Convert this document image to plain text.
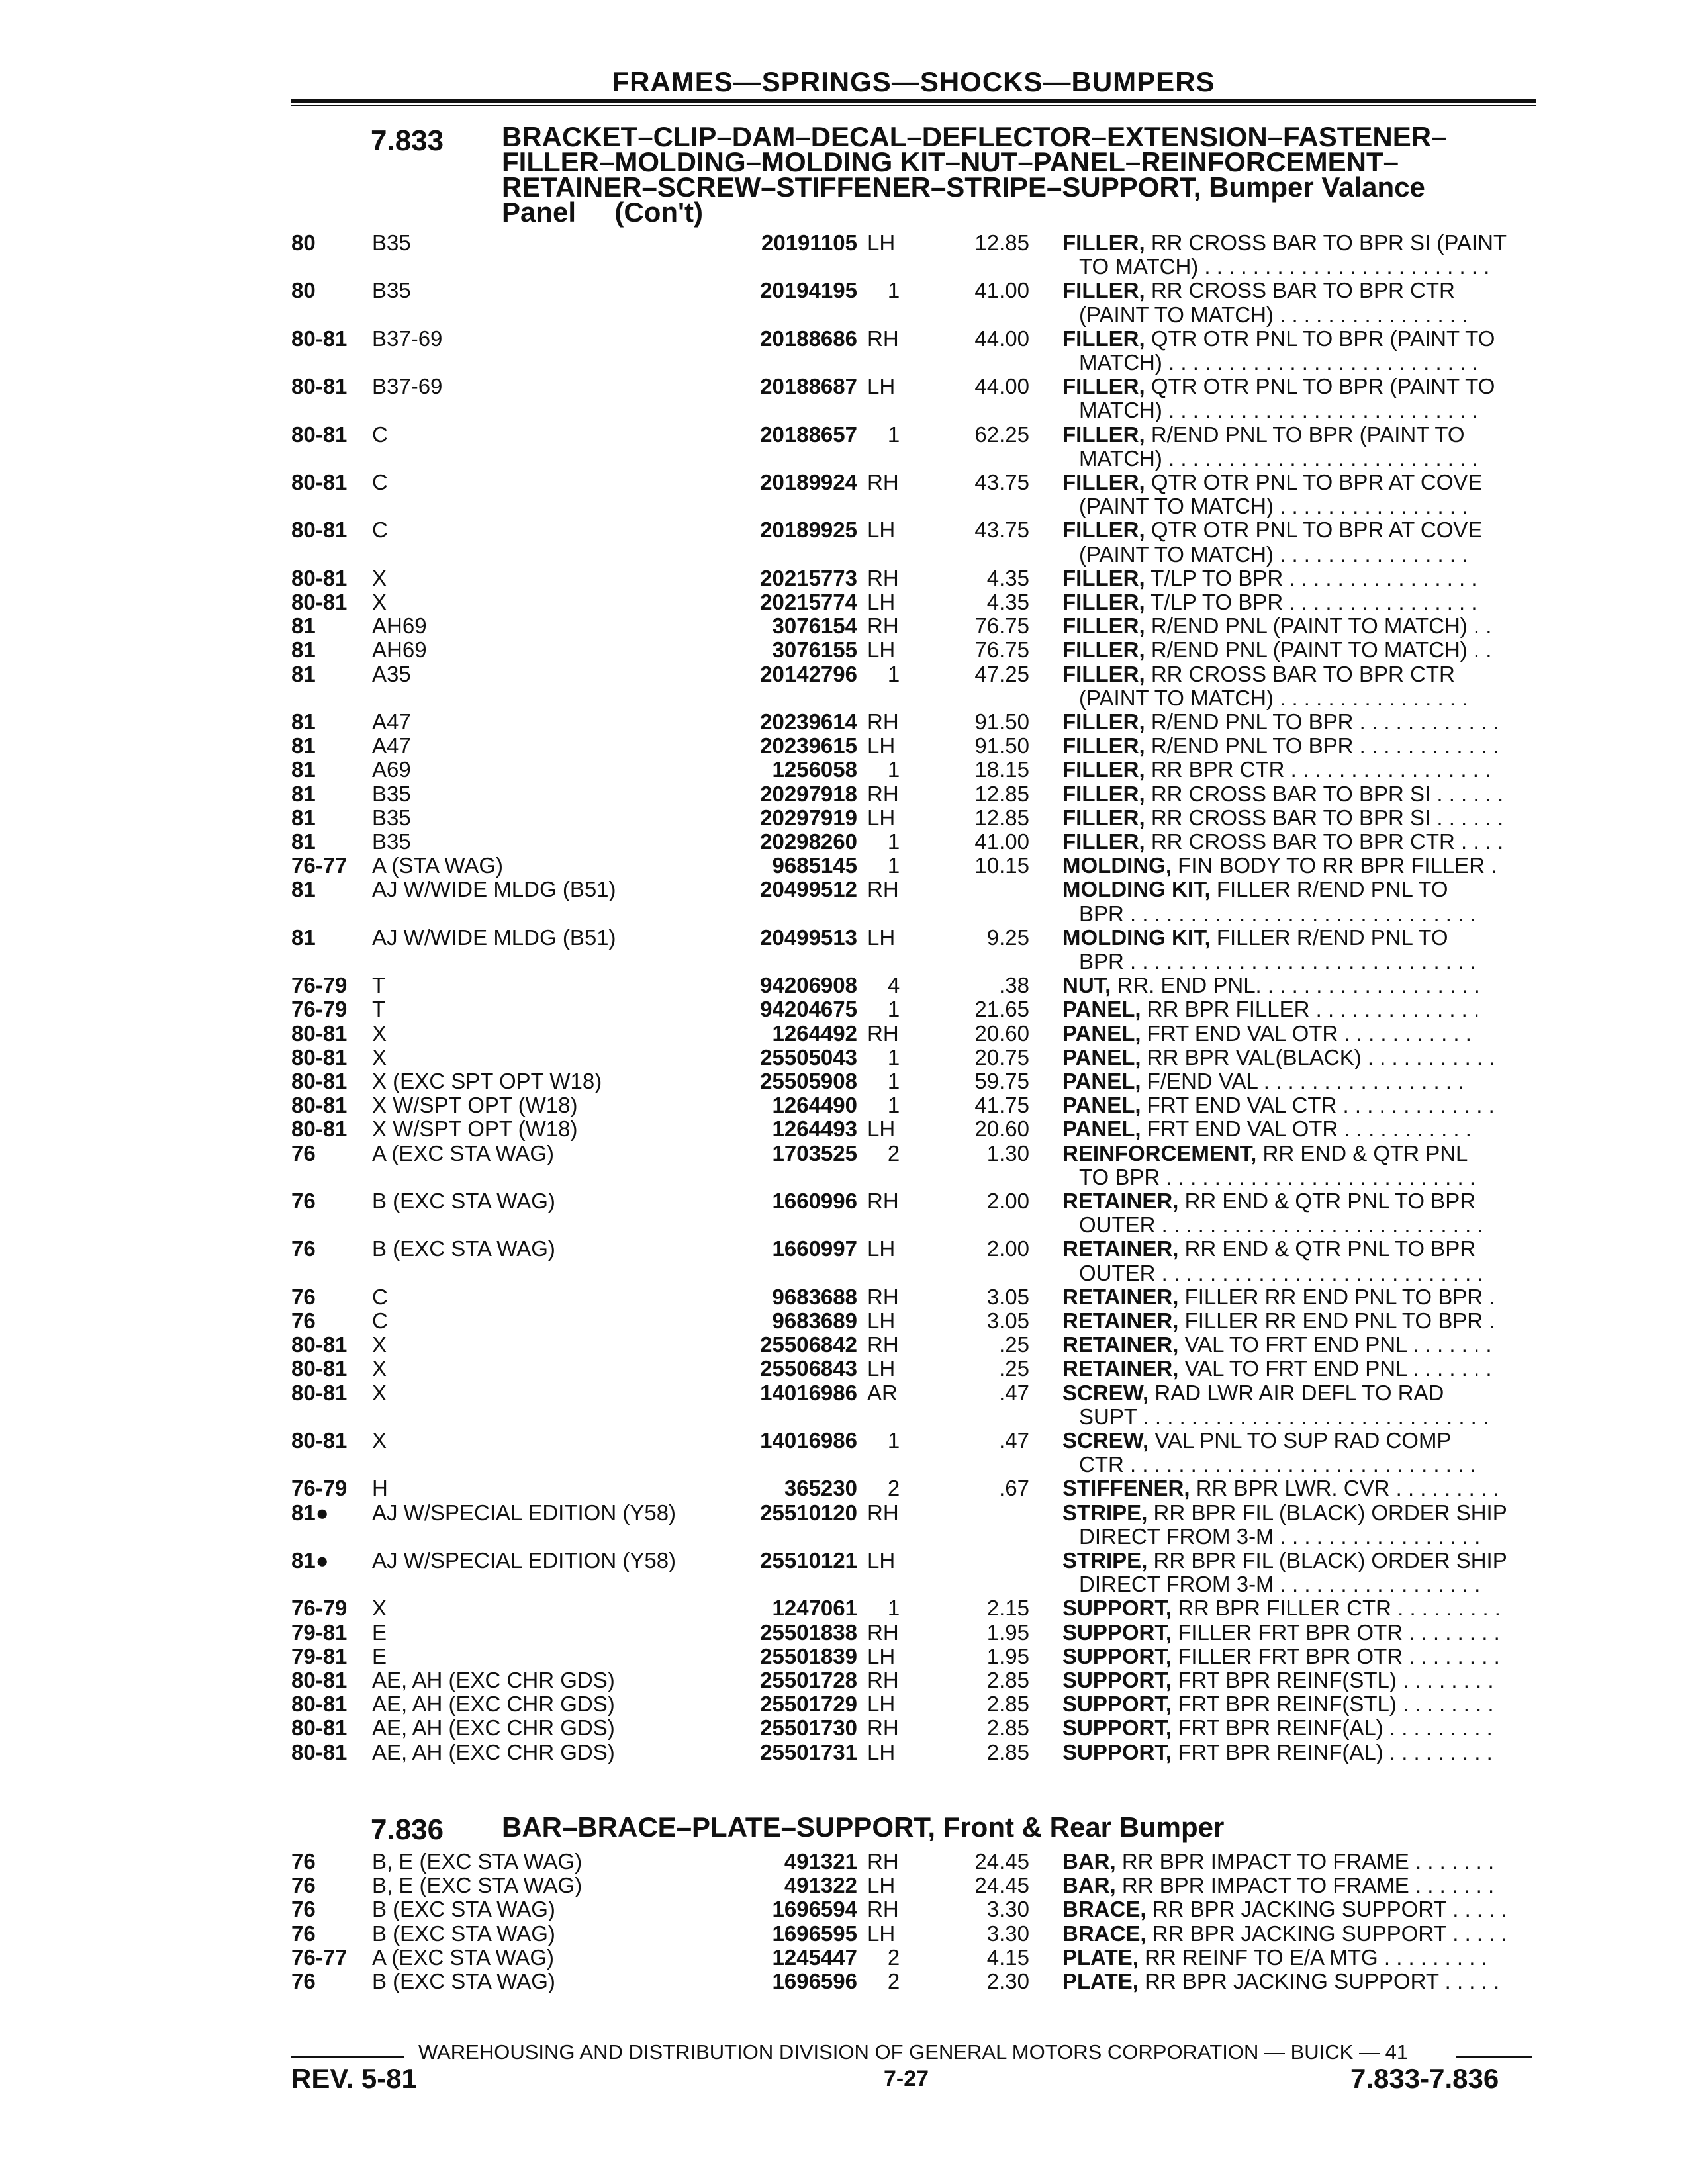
FRAMES—SPRINGS—SHOCKS—BUMPERS
7.833 BRACKET–CLIP–DAM–DECAL–DEFLECTOR–EXTENSION–FASTENER–
FILLER–MOLDING–MOLDING KIT–NUT–PANEL–REINFORCEMENT–
RETAINER–SCREW–STIFFENER–STRIPE–SUPPORT, Bumper Valance
Panel     (Con't)
80	B35	20191105 LH	12.85 FILLER, RR CROSS BAR TO BPR SI (PAINT
TO MATCH) . . . . . . . . . . . . . . . . . . . . . . . .
80	B35	20194195	1	41.00 FILLER, RR CROSS BAR TO BPR CTR
(PAINT TO MATCH) . . . . . . . . . . . . . . . .
80-81 B37-69	20188686 RH	44.00 FILLER, QTR OTR PNL TO BPR (PAINT TO
MATCH) . . . . . . . . . . . . . . . . . . . . . . . . . .
80-81 B37-69	20188687 LH	44.00 FILLER, QTR OTR PNL TO BPR (PAINT TO
MATCH) . . . . . . . . . . . . . . . . . . . . . . . . . .
80-81 C	20188657	1	62.25 FILLER, R/END PNL TO BPR (PAINT TO
MATCH) . . . . . . . . . . . . . . . . . . . . . . . . . .
80-81 C	20189924 RH	43.75 FILLER, QTR OTR PNL TO BPR AT COVE
(PAINT TO MATCH) . . . . . . . . . . . . . . . .
80-81 C	20189925 LH	43.75 FILLER, QTR OTR PNL TO BPR AT COVE
(PAINT TO MATCH) . . . . . . . . . . . . . . . .
80-81 X	20215773 RH	4.35 FILLER, T/LP TO BPR . . . . . . . . . . . . . . . .
80-81 X	20215774 LH	4.35 FILLER, T/LP TO BPR . . . . . . . . . . . . . . . .
81	AH69	3076154 RH	76.75 FILLER, R/END PNL (PAINT TO MATCH) . .
81	AH69	3076155 LH	76.75 FILLER, R/END PNL (PAINT TO MATCH) . .
81	A35	20142796	1	47.25 FILLER, RR CROSS BAR TO BPR CTR
(PAINT TO MATCH) . . . . . . . . . . . . . . . .
81	A47	20239614 RH	91.50 FILLER, R/END PNL TO BPR . . . . . . . . . . . .
81	A47	20239615 LH	91.50 FILLER, R/END PNL TO BPR . . . . . . . . . . . .
81	A69	1256058	1	18.15 FILLER, RR BPR CTR . . . . . . . . . . . . . . . . .
81	B35	20297918 RH	12.85 FILLER, RR CROSS BAR TO BPR SI . . . . . .
81	B35	20297919 LH	12.85 FILLER, RR CROSS BAR TO BPR SI . . . . . .
81	B35	20298260	1	41.00 FILLER, RR CROSS BAR TO BPR CTR . . . .
76-77 A (STA WAG)	9685145	1	10.15 MOLDING, FIN BODY TO RR BPR FILLER .
81	AJ W/WIDE MLDG (B51)	20499512 RH	MOLDING KIT, FILLER R/END PNL TO
BPR . . . . . . . . . . . . . . . . . . . . . . . . . . . . .
81	AJ W/WIDE MLDG (B51)	20499513 LH	9.25 MOLDING KIT, FILLER R/END PNL TO
BPR . . . . . . . . . . . . . . . . . . . . . . . . . . . . .
76-79 T	94206908	4	.38 NUT, RR. END PNL. . . . . . . . . . . . . . . . . . .
76-79 T	94204675	1	21.65 PANEL, RR BPR FILLER . . . . . . . . . . . . . .
80-81 X	1264492 RH	20.60 PANEL, FRT END VAL OTR . . . . . . . . . . .
80-81 X	25505043	1	20.75 PANEL, RR BPR VAL(BLACK) . . . . . . . . . . .
80-81 X (EXC SPT OPT W18)	25505908	1	59.75 PANEL, F/END VAL . . . . . . . . . . . . . . . . .
80-81 X W/SPT OPT (W18)	1264490	1	41.75 PANEL, FRT END VAL CTR . . . . . . . . . . . . .
80-81 X W/SPT OPT (W18)	1264493 LH	20.60 PANEL, FRT END VAL OTR . . . . . . . . . . .
76	A (EXC STA WAG)	1703525	2	1.30 REINFORCEMENT, RR END & QTR PNL
TO BPR . . . . . . . . . . . . . . . . . . . . . . . . . .
76	B (EXC STA WAG)	1660996 RH	2.00 RETAINER, RR END & QTR PNL TO BPR
OUTER . . . . . . . . . . . . . . . . . . . . . . . . . . .
76	B (EXC STA WAG)	1660997 LH	2.00 RETAINER, RR END & QTR PNL TO BPR
OUTER . . . . . . . . . . . . . . . . . . . . . . . . . . .
76	C	9683688 RH	3.05 RETAINER, FILLER RR END PNL TO BPR .
76	C	9683689 LH	3.05 RETAINER, FILLER RR END PNL TO BPR .
80-81 X	25506842 RH	.25 RETAINER, VAL TO FRT END PNL . . . . . . .
80-81 X	25506843 LH	.25 RETAINER, VAL TO FRT END PNL . . . . . . .
80-81 X	14016986 AR	.47 SCREW, RAD LWR AIR DEFL TO RAD
SUPT . . . . . . . . . . . . . . . . . . . . . . . . . . . . .
80-81 X	14016986	1	.47 SCREW, VAL PNL TO SUP RAD COMP
CTR . . . . . . . . . . . . . . . . . . . . . . . . . . . . .
76-79 H	365230	2	.67 STIFFENER, RR BPR LWR. CVR . . . . . . . . .
81● AJ W/SPECIAL EDITION (Y58)	25510120 RH	STRIPE, RR BPR FIL (BLACK) ORDER SHIP
DIRECT FROM 3-M . . . . . . . . . . . . . . . . .
81● AJ W/SPECIAL EDITION (Y58)	25510121 LH	STRIPE, RR BPR FIL (BLACK) ORDER SHIP
DIRECT FROM 3-M . . . . . . . . . . . . . . . . .
76-79 X	1247061	1	2.15 SUPPORT, RR BPR FILLER CTR . . . . . . . . .
79-81 E	25501838 RH	1.95 SUPPORT, FILLER FRT BPR OTR . . . . . . . .
79-81 E	25501839 LH	1.95 SUPPORT, FILLER FRT BPR OTR . . . . . . . .
80-81 AE, AH (EXC CHR GDS)	25501728 RH	2.85 SUPPORT, FRT BPR REINF(STL) . . . . . . . .
80-81 AE, AH (EXC CHR GDS)	25501729 LH	2.85 SUPPORT, FRT BPR REINF(STL) . . . . . . . .
80-81 AE, AH (EXC CHR GDS)	25501730 RH	2.85 SUPPORT, FRT BPR REINF(AL) . . . . . . . . .
80-81 AE, AH (EXC CHR GDS)	25501731 LH	2.85 SUPPORT, FRT BPR REINF(AL) . . . . . . . . .
7.836 BAR–BRACE–PLATE–SUPPORT, Front & Rear Bumper
76	B, E (EXC STA WAG)	491321 RH	24.45 BAR, RR BPR IMPACT TO FRAME . . . . . . .
76	B, E (EXC STA WAG)	491322 LH	24.45 BAR, RR BPR IMPACT TO FRAME . . . . . . .
76	B (EXC STA WAG)	1696594 RH	3.30 BRACE, RR BPR JACKING SUPPORT . . . . .
76	B (EXC STA WAG)	1696595 LH	3.30 BRACE, RR BPR JACKING SUPPORT . . . . .
76-77 A (EXC STA WAG)	1245447	2	4.15 PLATE, RR REINF TO E/A MTG . . . . . . . . .
76	B (EXC STA WAG)	1696596	2	2.30 PLATE, RR BPR JACKING SUPPORT . . . . .
WAREHOUSING AND DISTRIBUTION DIVISION OF GENERAL MOTORS CORPORATION — BUICK — 41
REV. 5-81	7-27	7.833-7.836
